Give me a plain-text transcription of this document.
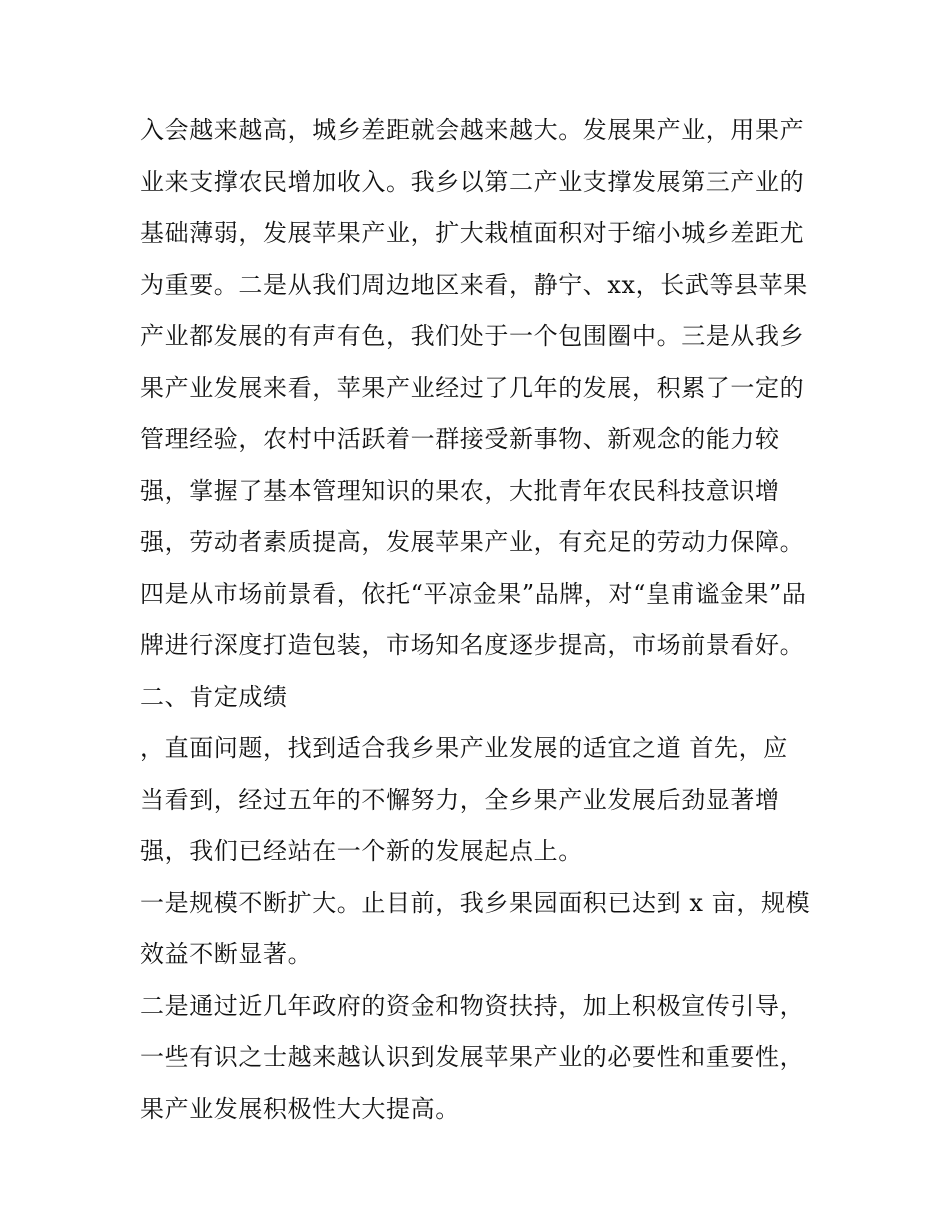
入会越来越高，城乡差距就会越来越大。发展果产业，用果产
业来支撑农民增加收入。我乡以第二产业支撑发展第三产业的
基础薄弱，发展苹果产业，扩大栽植面积对于缩小城乡差距尤
为重要。二是从我们周边地区来看，静宁、xx，长武等县苹果
产业都发展的有声有色，我们处于一个包围圈中。三是从我乡
果产业发展来看，苹果产业经过了几年的发展，积累了一定的
管理经验，农村中活跃着一群接受新事物、新观念的能力较
强，掌握了基本管理知识的果农，大批青年农民科技意识增
强，劳动者素质提高，发展苹果产业，有充足的劳动力保障。
四是从市场前景看，依托“平凉金果”品牌，对“皇甫谧金果”品
牌进行深度打造包装，市场知名度逐步提高，市场前景看好。
二、肯定成绩
，直面问题，找到适合我乡果产业发展的适宜之道 首先，应
当看到，经过五年的不懈努力，全乡果产业发展后劲显著增
强，我们已经站在一个新的发展起点上。
一是规模不断扩大。止目前，我乡果园面积已达到 x 亩，规模
效益不断显著。
二是通过近几年政府的资金和物资扶持，加上积极宣传引导，
一些有识之士越来越认识到发展苹果产业的必要性和重要性，
果产业发展积极性大大提高。
